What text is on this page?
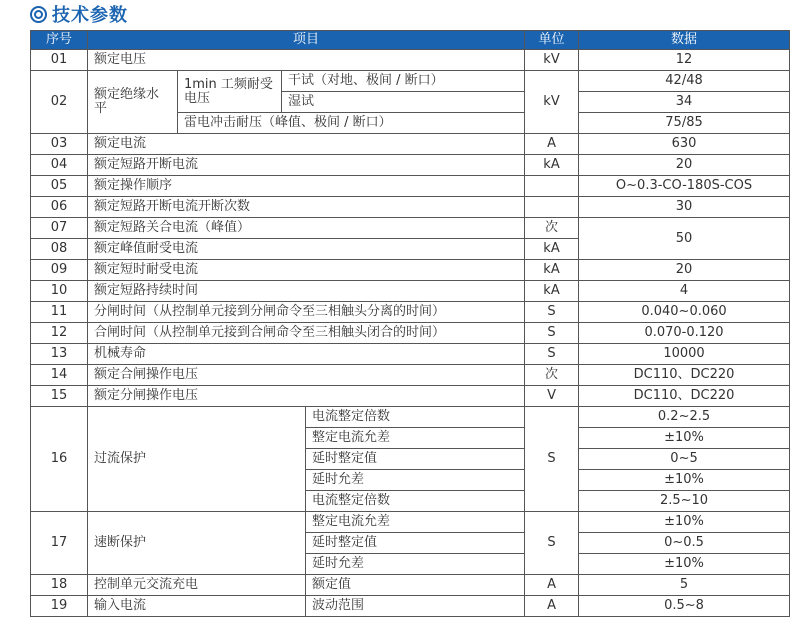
技术参数
序号	项目				单位	数据
01	额定电压				kV	12
02	额定绝缘水平	1min 工频耐受电压	干试（对地、极间 / 断口）		kV	42/48
			湿试			34
		雷电冲击耐压（峰值、极间 / 断口）				75/85
03	额定电流				A	630
04	额定短路开断电流				kA	20
05	额定操作顺序					O~0.3-CO-180S-COS
06	额定短路开断电流开断次数					30
07	额定短路关合电流（峰值）				次	50
08	额定峰值耐受电流				kA	
09	额定短时耐受电流				kA	20
10	额定短路持续时间				kA	4
11	分闸时间（从控制单元接到分闸命令至三相触头分离的时间）				S	0.040~0.060
12	合闸时间（从控制单元接到合闸命令至三相触头闭合的时间）				S	0.070-0.120
13	机械寿命				S	10000
14	额定合闸操作电压				次	DC110、DC220
15	额定分闸操作电压				V	DC110、DC220
16	过流保护			电流整定倍数	S	0.2~2.5
				整定电流允差		±10%
				延时整定值		0~5
				延时允差		±10%
				电流整定倍数		2.5~10
17	速断保护			整定电流允差	S	±10%
				延时整定值		0~0.5
				延时允差		±10%
18	控制单元交流充电			额定值	A	5
19	输入电流			波动范围	A	0.5~8
